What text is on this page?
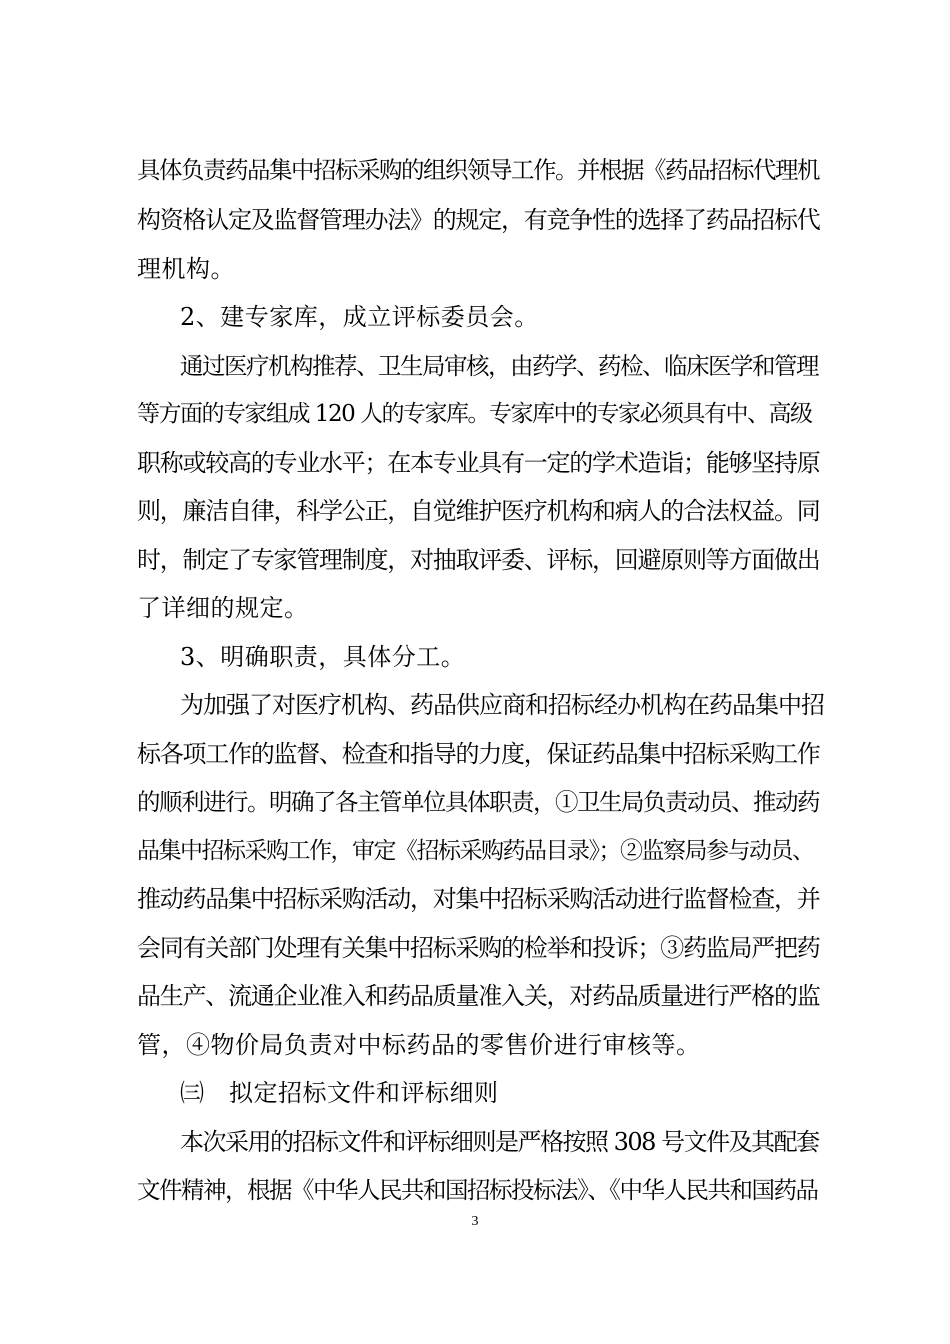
具体负责药品集中招标采购的组织领导工作。并根据《药品招标代理机
构资格认定及监督管理办法》的规定，有竞争性的选择了药品招标代
理机构。
2、建专家库，成立评标委员会。
通过医疗机构推荐、卫生局审核，由药学、药检、临床医学和管理
等方面的专家组成 120 人的专家库。专家库中的专家必须具有中、高级
职称或较高的专业水平；在本专业具有一定的学术造诣；能够坚持原
则，廉洁自律，科学公正，自觉维护医疗机构和病人的合法权益。同
时，制定了专家管理制度，对抽取评委、评标，回避原则等方面做出
了详细的规定。
3、明确职责，具体分工。
为加强了对医疗机构、药品供应商和招标经办机构在药品集中招
标各项工作的监督、检查和指导的力度，保证药品集中招标采购工作
的顺利进行。明确了各主管单位具体职责，①卫生局负责动员、推动药
品集中招标采购工作，审定《招标采购药品目录》；②监察局参与动员、
推动药品集中招标采购活动，对集中招标采购活动进行监督检查，并
会同有关部门处理有关集中招标采购的检举和投诉；③药监局严把药
品生产、流通企业准入和药品质量准入关，对药品质量进行严格的监
管，④物价局负责对中标药品的零售价进行审核等。
㈢　拟定招标文件和评标细则
本次采用的招标文件和评标细则是严格按照 308 号文件及其配套
文件精神，根据《中华人民共和国招标投标法》、《中华人民共和国药品
3
